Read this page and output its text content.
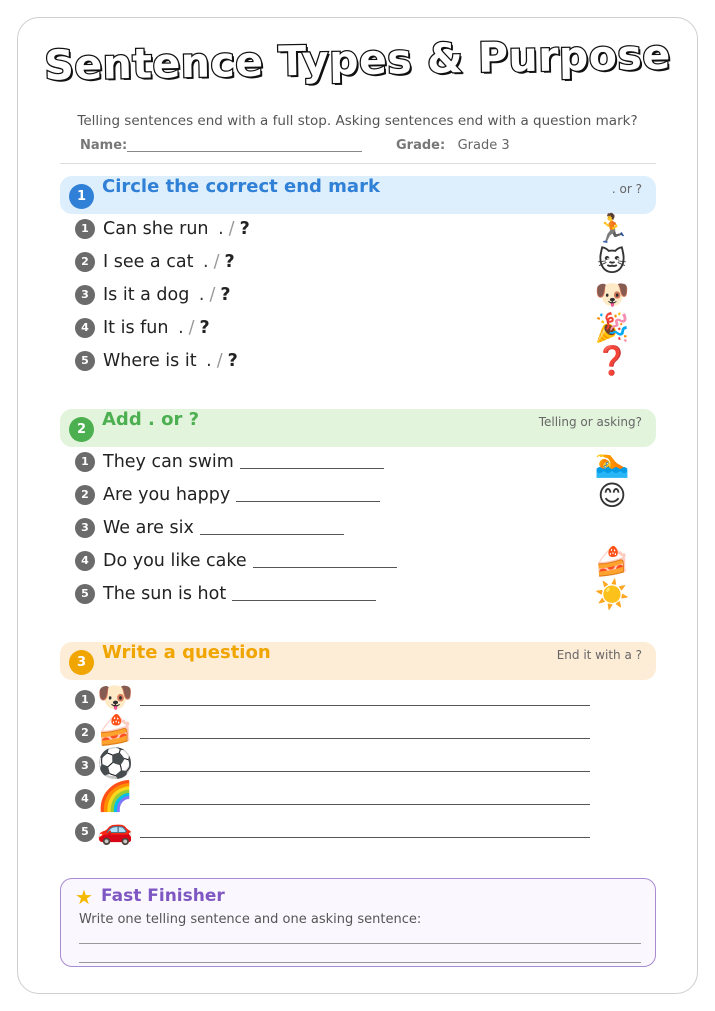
Sentence Types & Purpose
Telling sentences end with a full stop. Asking sentences end with a question mark?
Name:	Grade: Grade 3
1 Circle the correct end mark	. or ?
1 Can she run . / ?	🏃
2 I see a cat . / ?	🐱
3 Is it a dog . / ?	🐶
4 It is fun . / ?	🎉
5 Where is it . / ?	❓
2 Add . or ?	Telling or asking?
1 They can swim	🏊
2 Are you happy	😊
3 We are six
4 Do you like cake	🍰
5 The sun is hot	☀️
3 Write a question	End it with a ?
1 🐶
2 🍰
3 ⚽
4 🌈
5 🚗
★ Fast Finisher
Write one telling sentence and one asking sentence:
